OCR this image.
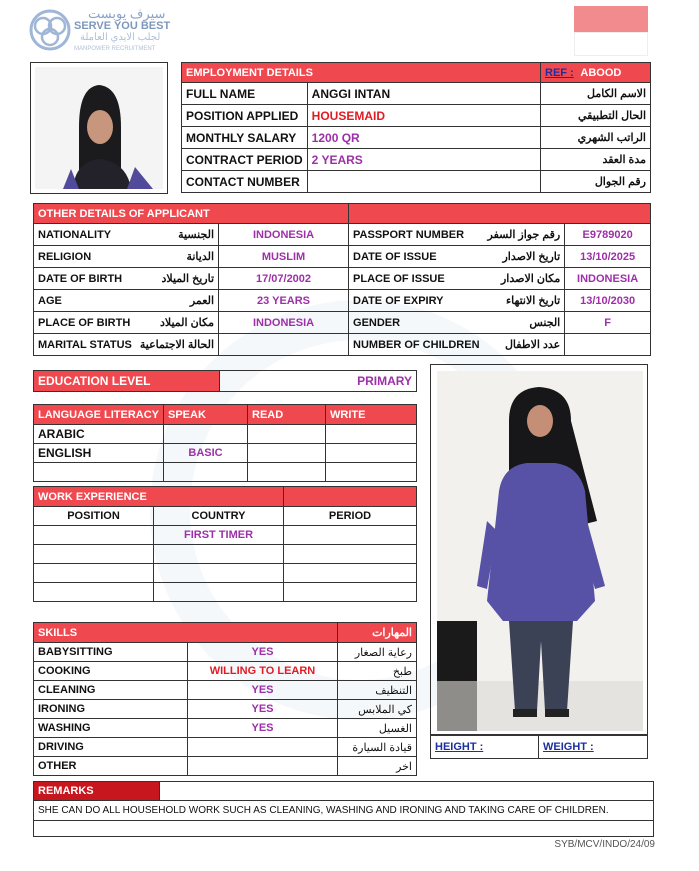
سيرف يوبست
SERVE YOU BEST
لجلب الايدي العاملة
MANPOWER RECRUITMENT
EMPLOYMENT DETAILS		REF : ABOOD
FULL NAME	ANGGI INTAN	الاسم الكامل
POSITION APPLIED	HOUSEMAID	الحال التطبيقي
MONTHLY SALARY	1200 QR	الراتب الشهري
CONTRACT PERIOD	2 YEARS	مدة العقد
CONTACT NUMBER		رقم الجوال
OTHER DETAILS OF APPLICANT					
NATIONALITY	الجنسية	INDONESIA	PASSPORT NUMBER	رقم جواز السفر	E9789020
RELIGION	الديانة	MUSLIM	DATE OF ISSUE	تاريخ الاصدار	13/10/2025
DATE OF BIRTH	تاريخ الميلاد	17/07/2002	PLACE OF ISSUE	مكان الاصدار	INDONESIA
AGE	العمر	23 YEARS	DATE OF EXPIRY	تاريخ الانتهاء	13/10/2030
PLACE OF BIRTH	مكان الميلاد	INDONESIA	GENDER	الجنس	F
MARITAL STATUS	الحالة الاجتماعية		NUMBER OF CHILDREN	عدد الاطفال	
EDUCATION LEVEL	PRIMARY
LANGUAGE LITERACY	SPEAK	READ	WRITE
ARABIC			
ENGLISH	BASIC		

WORK EXPERIENCE		
POSITION	COUNTRY	PERIOD
	FIRST TIMER	

SKILLS		المهارات
BABYSITTING	YES	رعاية الصغار
COOKING	WILLING TO LEARN	طبخ
CLEANING	YES	التنظيف
IRONING	YES	كي الملابس
WASHING	YES	الغسيل
DRIVING		قيادة السيارة
OTHER		اخر
HEIGHT :	WEIGHT :
REMARKS	
SHE CAN DO ALL HOUSEHOLD WORK SUCH AS CLEANING, WASHING AND IRONING AND TAKING CARE OF CHILDREN.

SYB/MCV/INDO/24/09
